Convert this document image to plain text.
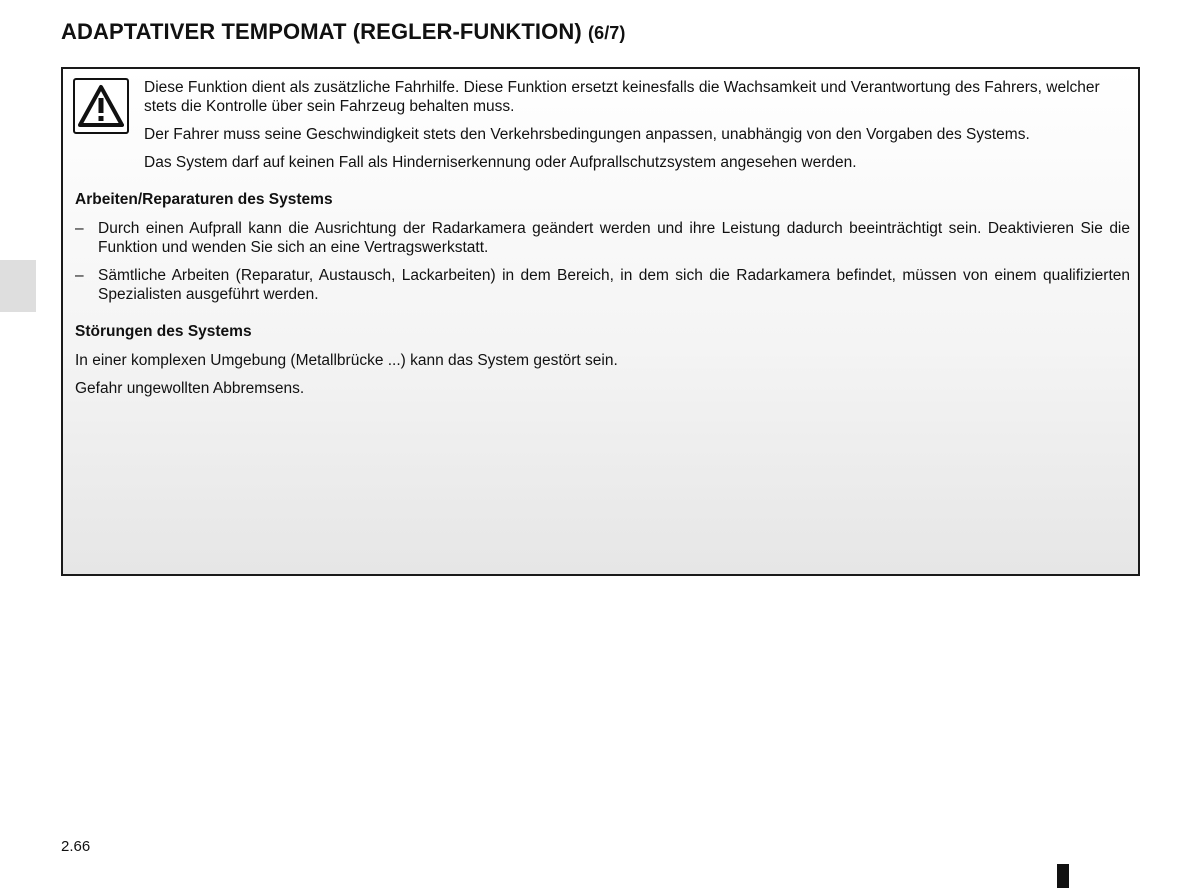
ADAPTATIVER TEMPOMAT (REGLER-FUNKTION) (6/7)

Diese Funktion dient als zusätzliche Fahrhilfe. Diese Funktion ersetzt keinesfalls die Wachsamkeit und Verantwortung des Fahrers, welcher stets die Kontrolle über sein Fahrzeug behalten muss.

Der Fahrer muss seine Geschwindigkeit stets den Verkehrsbedingungen anpassen, unabhängig von den Vorgaben des Systems.

Das System darf auf keinen Fall als Hinderniserkennung oder Aufprallschutzsystem angesehen werden.

Arbeiten/Reparaturen des Systems
– Durch einen Aufprall kann die Ausrichtung der Radarkamera geändert werden und ihre Leistung dadurch beeinträchtigt sein. Deaktivieren Sie die Funktion und wenden Sie sich an eine Vertragswerkstatt.
– Sämtliche Arbeiten (Reparatur, Austausch, Lackarbeiten) in dem Bereich, in dem sich die Radarkamera befindet, müssen von einem qualifizierten Spezialisten ausgeführt werden.
Störungen des Systems

In einer komplexen Umgebung (Metallbrücke ...) kann das System gestört sein.

Gefahr ungewollten Abbremsens.

2.66
